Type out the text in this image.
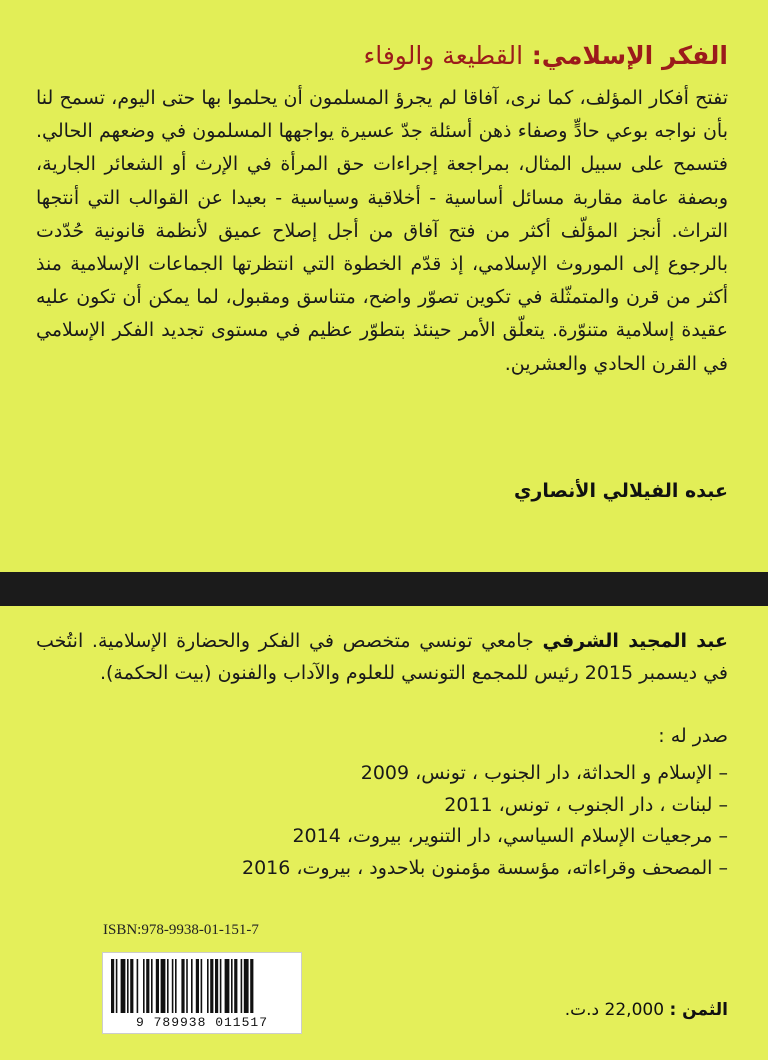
الفكر الإسلامي: القطيعة والوفاء
تفتح أفكار المؤلف، كما نرى، آفاقا لم يجرؤ المسلمون أن يحلموا بها حتى اليوم، تسمح لنا بأن نواجه بوعي حادٍّ وصفاء ذهن أسئلة جدّ عسيرة يواجهها المسلمون في وضعهم الحالي. فتسمح على سبيل المثال، بمراجعة إجراءات حق المرأة في الإرث أو الشعائر الجارية، وبصفة عامة مقاربة مسائل أساسية - أخلاقية وسياسية - بعيدا عن القوالب التي أنتجها التراث. أنجز المؤلّف أكثر من فتح آفاق من أجل إصلاح عميق لأنظمة قانونية حُدّدت بالرجوع إلى الموروث الإسلامي، إذ قدّم الخطوة التي انتظرتها الجماعات الإسلامية منذ أكثر من قرن والمتمثّلة في تكوين تصوّر واضح، متناسق ومقبول، لما يمكن أن تكون عليه عقيدة إسلامية متنوّرة. يتعلّق الأمر حينئذ بتطوّر عظيم في مستوى تجديد الفكر الإسلامي في القرن الحادي والعشرين.
عبده الفيلالي الأنصاري
عبد المجيد الشرفي جامعي تونسي متخصص في الفكر والحضارة الإسلامية. انتُخب في ديسمبر 2015 رئيس للمجمع التونسي للعلوم والآداب والفنون (بيت الحكمة).
صدر له :
– الإسلام و الحداثة، دار الجنوب ، تونس، 2009
– لبنات ، دار الجنوب ، تونس، 2011
– مرجعيات الإسلام السياسي، دار التنوير، بيروت، 2014
– المصحف وقراءاته، مؤسسة مؤمنون بلاحدود ، بيروت، 2016
ISBN:978-9938-01-151-7
9 789938 011517
الثمن : 22,000 د.ت.
